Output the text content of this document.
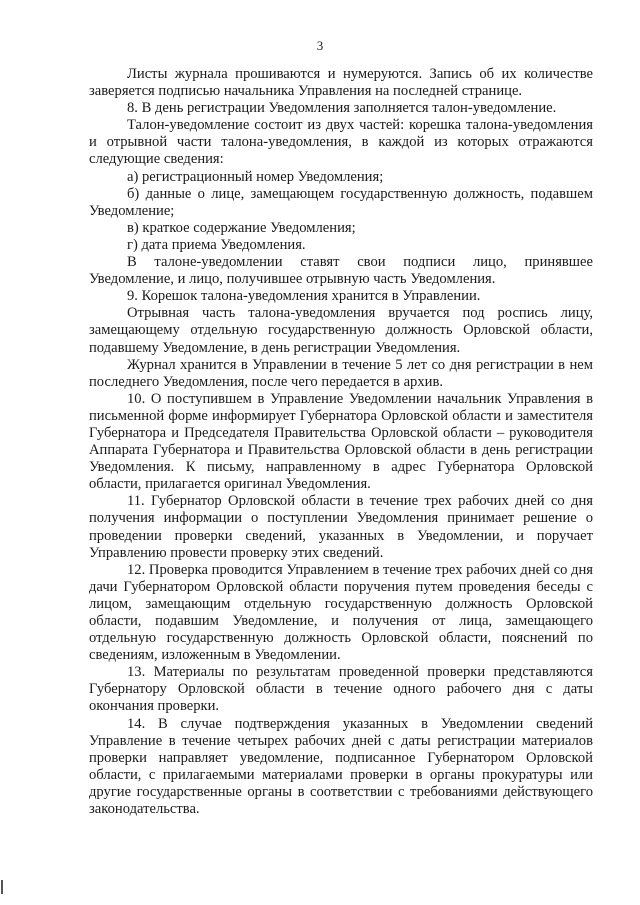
3

Листы журнала прошиваются и нумеруются. Запись об их количестве заверяется подписью начальника Управления на последней странице.

8. В день регистрации Уведомления заполняется талон-уведомление.

Талон-уведомление состоит из двух частей: корешка талона-уведомления и отрывной части талона-уведомления, в каждой из которых отражаются следующие сведения:

а) регистрационный номер Уведомления;

б) данные о лице, замещающем государственную должность, подавшем Уведомление;

в) краткое содержание Уведомления;

г) дата приема Уведомления.

В талоне-уведомлении ставят свои подписи лицо, принявшее Уведомление, и лицо, получившее отрывную часть Уведомления.

9. Корешок талона-уведомления хранится в Управлении.

Отрывная часть талона-уведомления вручается под роспись лицу, замещающему отдельную государственную должность Орловской области, подавшему Уведомление, в день регистрации Уведомления.

Журнал хранится в Управлении в течение 5 лет со дня регистрации в нем последнего Уведомления, после чего передается в архив.

10. О поступившем в Управление Уведомлении начальник Управления в письменной форме информирует Губернатора Орловской области и заместителя Губернатора и Председателя Правительства Орловской области – руководителя Аппарата Губернатора и Правительства Орловской области в день регистрации Уведомления. К письму, направленному в адрес Губернатора Орловской области, прилагается оригинал Уведомления.

11. Губернатор Орловской области в течение трех рабочих дней со дня получения информации о поступлении Уведомления принимает решение о проведении проверки сведений, указанных в Уведомлении, и поручает Управлению провести проверку этих сведений.

12. Проверка проводится Управлением в течение трех рабочих дней со дня дачи Губернатором Орловской области поручения путем проведения беседы с лицом, замещающим отдельную государственную должность Орловской области, подавшим Уведомление, и получения от лица, замещающего отдельную государственную должность Орловской области, пояснений по сведениям, изложенным в Уведомлении.

13. Материалы по результатам проведенной проверки представляются Губернатору Орловской области в течение одного рабочего дня с даты окончания проверки.

14. В случае подтверждения указанных в Уведомлении сведений Управление в течение четырех рабочих дней с даты регистрации материалов проверки направляет уведомление, подписанное Губернатором Орловской области, с прилагаемыми материалами проверки в органы прокуратуры или другие государственные органы в соответствии с требованиями действующего законодательства.
